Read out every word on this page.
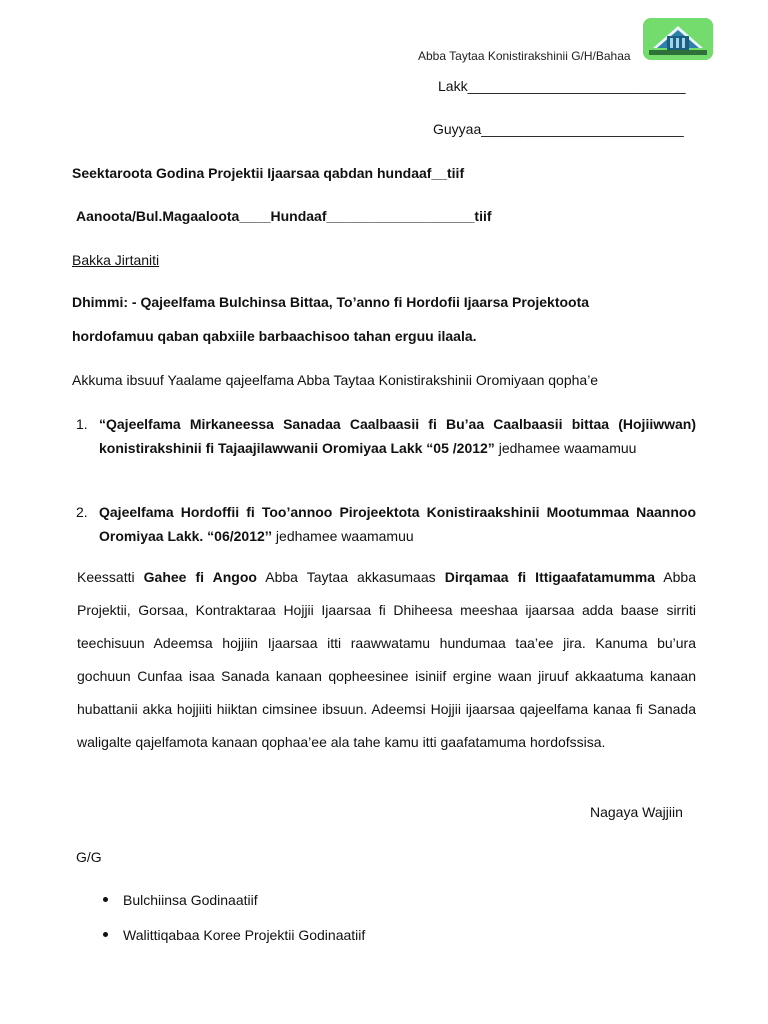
Abba Taytaa Konistirakshinii G/H/Bahaa
Lakk____________________________
Guyyaa__________________________
Seektaroota Godina Projektii Ijaarsaa qabdan hundaaf__tiif
Aanoota/Bul.Magaaloota____Hundaaf___________________tiif
Bakka Jirtaniti
Dhimmi: - Qajeelfama Bulchinsa Bittaa, To’anno fi Hordofii Ijaarsa Projektoota
hordofamuu qaban qabxiile barbaachisoo tahan erguu ilaala.
Akkuma ibsuuf Yaalame qajeelfama Abba Taytaa Konistirakshinii Oromiyaan qopha’e
1. “Qajeelfama Mirkaneessa Sanadaa Caalbaasii fi Bu’aa Caalbaasii bittaa (Hojiiwwan) konistirakshinii fi Tajaajilawwanii Oromiyaa Lakk “05 /2012” jedhamee waamamuu
2. Qajeelfama Hordoffii fi Too’annoo Pirojeektota Konistiraakshinii Mootummaa Naannoo Oromiyaa Lakk. “06/2012’’ jedhamee waamamuu
Keessatti Gahee fi Angoo Abba Taytaa akkasumaas Dirqamaa fi Ittigaafatamumma Abba Projektii, Gorsaa, Kontraktaraa Hojjii Ijaarsaa fi Dhiheesa meeshaa ijaarsaa adda baase sirriti teechisuun Adeemsa hojjiin Ijaarsaa itti raawwatamu hundumaa taa’ee jira. Kanuma bu’ura gochuun Cunfaa isaa Sanada kanaan qopheesinee isiniif ergine waan jiruuf akkaatuma kanaan hubattanii akka hojjiiti hiiktan cimsinee ibsuun. Adeemsi Hojjii ijaarsaa qajeelfama kanaa fi Sanada waligalte qajelfamota kanaan qophaa’ee ala tahe kamu itti gaafatamuma hordofssisa.
Nagaya Wajjiin
G/G
Bulchiinsa Godinaatiif
Walittiqabaa Koree Projektii Godinaatiif
